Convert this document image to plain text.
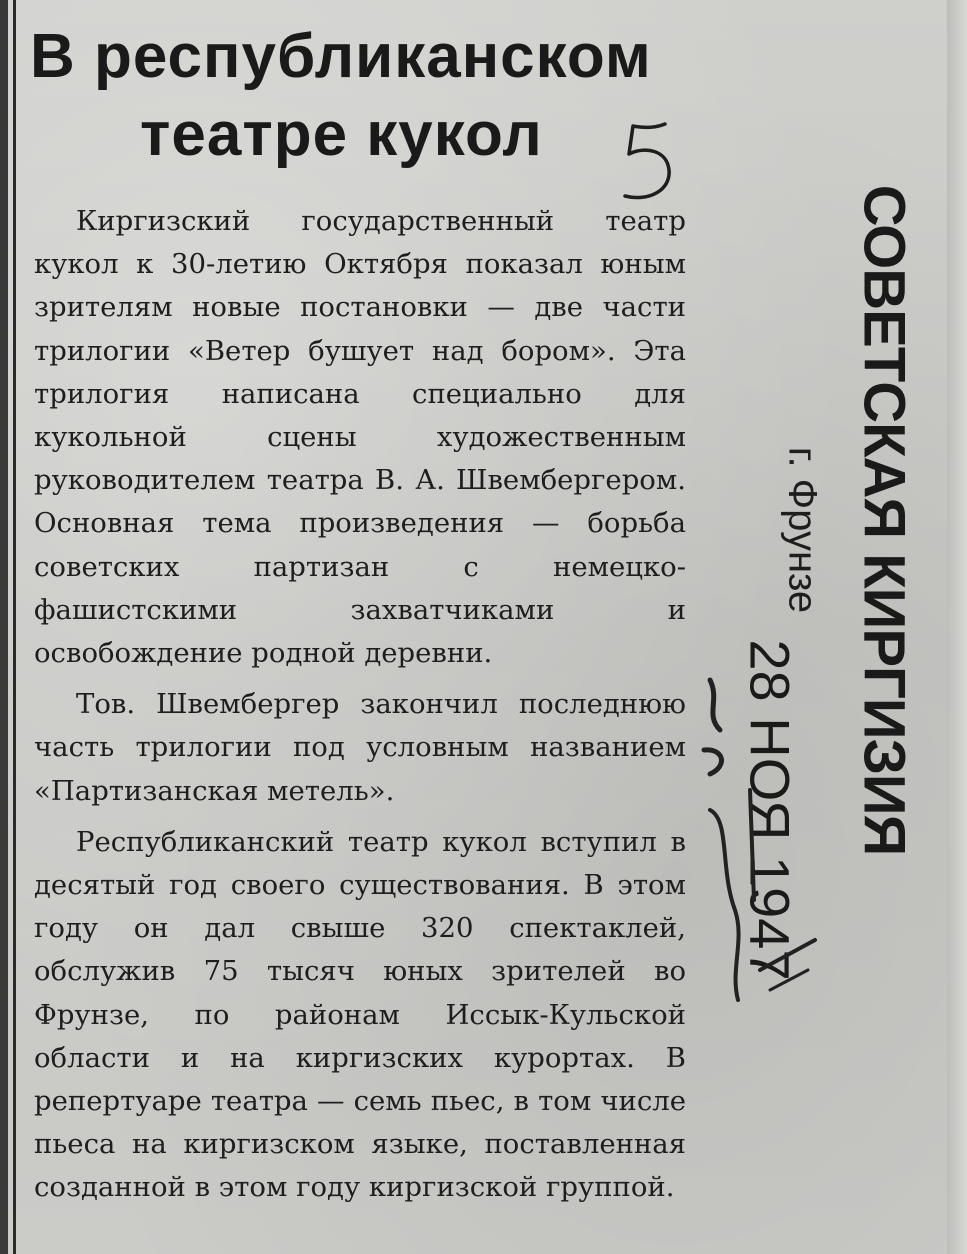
В республиканском
театре кукол

Киргизский государственный театр кукол к 30-летию Октября показал юным зрителям новые постановки — две части трилогии «Ветер бушует над бором». Эта трилогия написана специально для кукольной сцены художественным руководителем театра В. А. Швембергером. Основная тема произведения — борьба советских партизан с немецко-фашистскими захватчиками и освобождение родной деревни.

Тов. Швембергер закончил последнюю часть трилогии под условным названием «Партизанская метель».

Республиканский театр кукол вступил в десятый год своего существования. В этом году он дал свыше 320 спектаклей, обслужив 75 тысяч юных зрителей во Фрунзе, по районам Иссык-Кульской области и на киргизских курортах. В репертуаре театра — семь пьес, в том числе пьеса на киргизском языке, поставленная созданной в этом году киргизской группой.

СОВЕТСКАЯ КИРГИЗИЯ
г. Фрунзе
28 НОЯ 1947
